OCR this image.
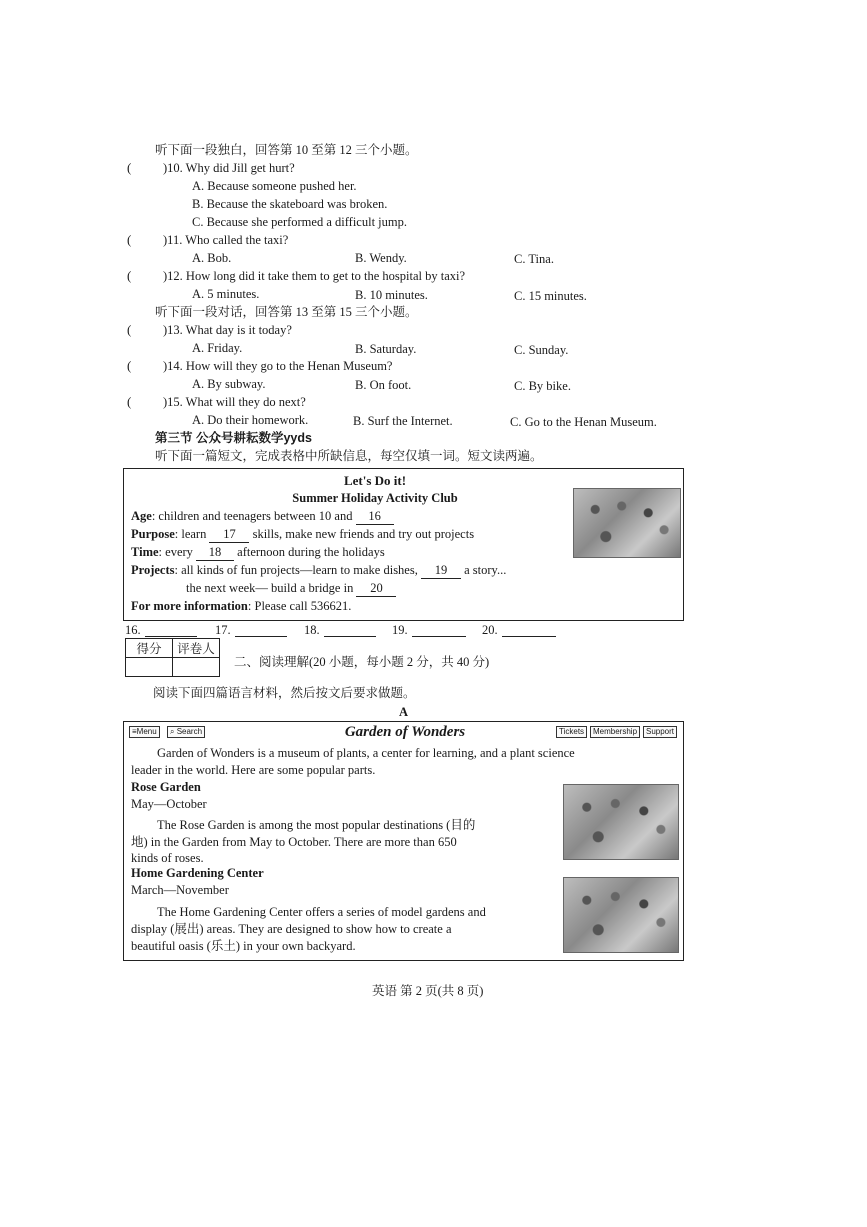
听下面一段独白，回答第 10 至第 12 三个小题。
(	)10. Why did Jill get hurt?
A. Because someone pushed her.
B. Because the skateboard was broken.
C. Because she performed a difficult jump.
(	)11. Who called the taxi?
A. Bob.	B. Wendy.	C. Tina.
(	)12. How long did it take them to get to the hospital by taxi?
A. 5 minutes.	B. 10 minutes.	C. 15 minutes.
听下面一段对话，回答第 13 至第 15 三个小题。
(	)13. What day is it today?
A. Friday.	B. Saturday.	C. Sunday.
(	)14. How will they go to the Henan Museum?
A. By subway.	B. On foot.	C. By bike.
(	)15. What will they do next?
A. Do their homework.	B. Surf the Internet.	C. Go to the Henan Museum.
第三节 公众号耕耘数学yyds
听下面一篇短文，完成表格中所缺信息，每空仅填一词。短文读两遍。
Let's Do it!
Summer Holiday Activity Club
Age: children and teenagers between 10 and 16
Purpose: learn 17 skills, make new friends and try out projects
Time: every 18 afternoon during the holidays
Projects: all kinds of fun projects—learn to make dishes, 19 a story...
the next week— build a bridge in 20
For more information: Please call 536621.
16.	17.	18.	19.	20.
得分	评卷人

二、阅读理解(20 小题，每小题 2 分，共 40 分)
阅读下面四篇语言材料，然后按文后要求做题。
A
≡Menu	⌕ Search	Garden of Wonders	Tickets	Membership	Support
Garden of Wonders is a museum of plants, a center for learning, and a plant science
leader in the world. Here are some popular parts.
Rose Garden
May—October
The Rose Garden is among the most popular destinations (目的
地) in the Garden from May to October. There are more than 650
kinds of roses.
Home Gardening Center
March—November
The Home Gardening Center offers a series of model gardens and
display (展出) areas. They are designed to show how to create a
beautiful oasis (乐土) in your own backyard.
英语 第 2 页(共 8 页)
